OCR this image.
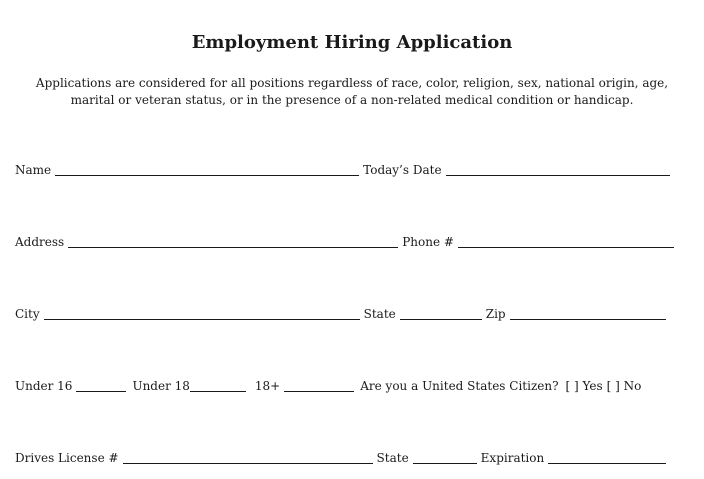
Employment Hiring Application
Applications are considered for all positions regardless of race, color, religion, sex, national origin, age, marital or veteran status, or in the presence of a non-related medical condition or handicap.
Name	Today’s Date
Address	Phone #
City	State	Zip
Under 16	Under 18	18+	Are you a United States Citizen? [ ] Yes [ ] No
Drives License #	State	Expiration
